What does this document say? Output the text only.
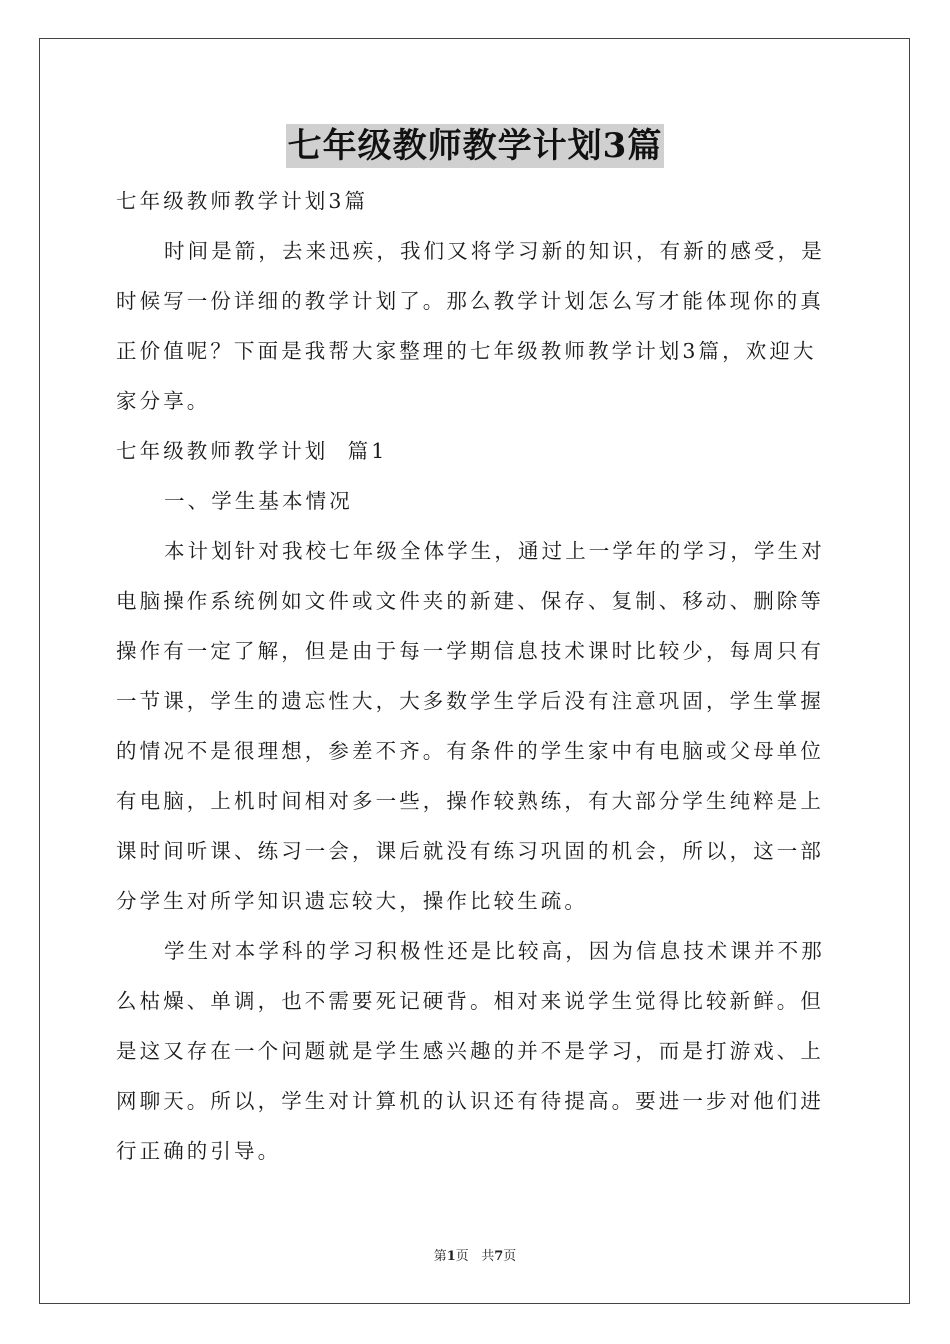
七年级教师教学计划3篇

七年级教师教学计划3篇

时间是箭，去来迅疾，我们又将学习新的知识，有新的感受，是时候写一份详细的教学计划了。那么教学计划怎么写才能体现你的真正价值呢？下面是我帮大家整理的七年级教师教学计划3篇，欢迎大家分享。

七年级教师教学计划  篇1

一、学生基本情况

本计划针对我校七年级全体学生，通过上一学年的学习，学生对电脑操作系统例如文件或文件夹的新建、保存、复制、移动、删除等操作有一定了解，但是由于每一学期信息技术课时比较少，每周只有一节课，学生的遗忘性大，大多数学生学后没有注意巩固，学生掌握的情况不是很理想，参差不齐。有条件的学生家中有电脑或父母单位有电脑，上机时间相对多一些，操作较熟练，有大部分学生纯粹是上课时间听课、练习一会，课后就没有练习巩固的机会，所以，这一部分学生对所学知识遗忘较大，操作比较生疏。

学生对本学科的学习积极性还是比较高，因为信息技术课并不那么枯燥、单调，也不需要死记硬背。相对来说学生觉得比较新鲜。但是这又存在一个问题就是学生感兴趣的并不是学习，而是打游戏、上网聊天。所以，学生对计算机的认识还有待提高。要进一步对他们进行正确的引导。

第1页 共7页
